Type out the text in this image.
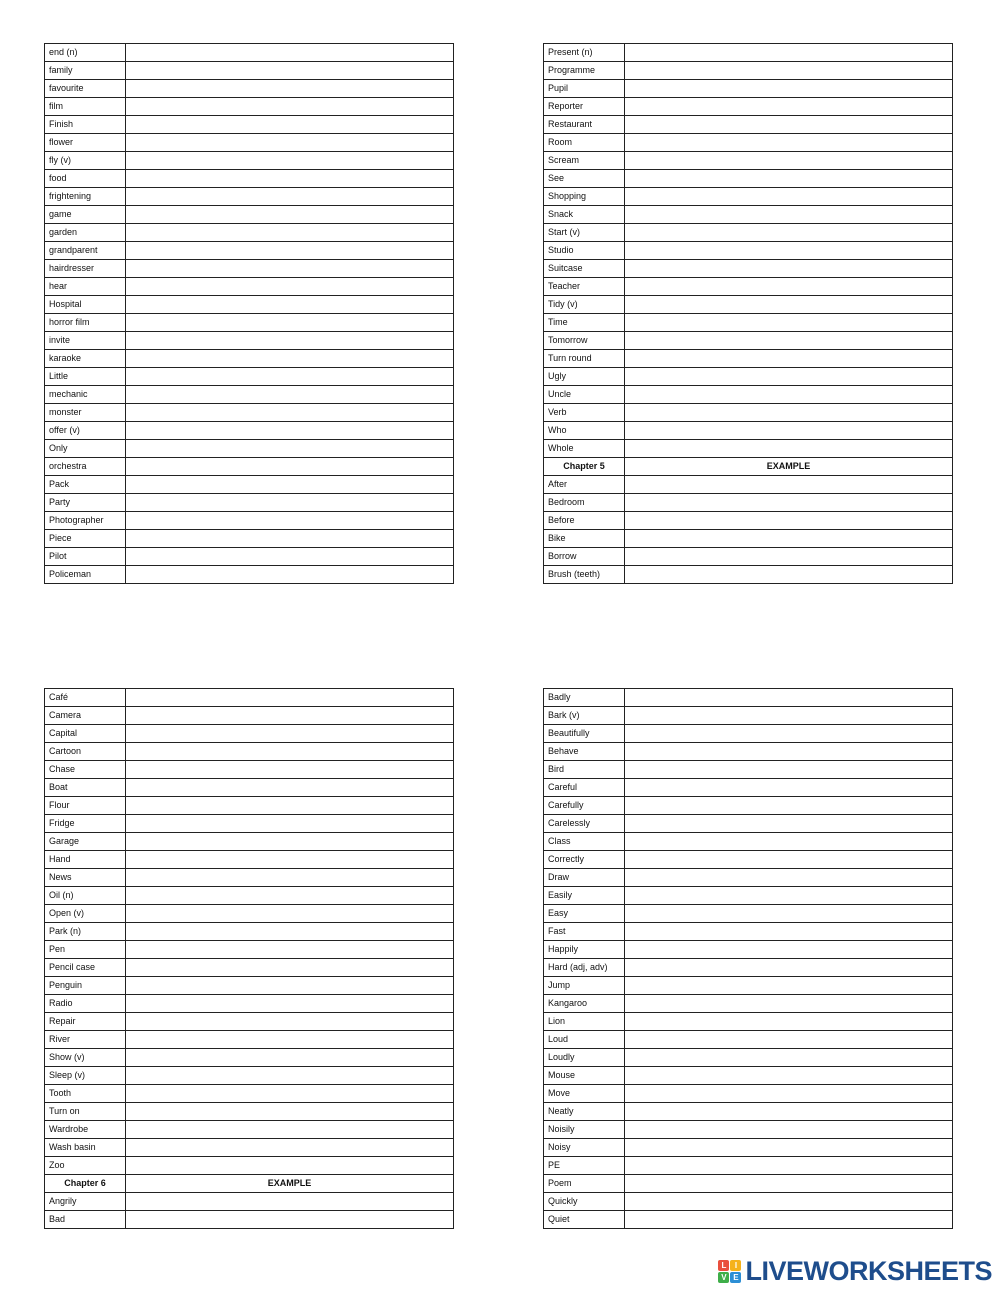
end (n)	
family	
favourite	
film	
Finish	
flower	
fly (v)	
food	
frightening	
game	
garden	
grandparent	
hairdresser	
hear	
Hospital	
horror film	
invite	
karaoke	
Little	
mechanic	
monster	
offer (v)	
Only	
orchestra	
Pack	
Party	
Photographer	
Piece	
Pilot	
Policeman	
Present (n)	
Programme	
Pupil	
Reporter	
Restaurant	
Room	
Scream	
See	
Shopping	
Snack	
Start (v)	
Studio	
Suitcase	
Teacher	
Tidy (v)	
Time	
Tomorrow	
Turn round	
Ugly	
Uncle	
Verb	
Who	
Whole	
Chapter 5	EXAMPLE
After	
Bedroom	
Before	
Bike	
Borrow	
Brush (teeth)	
Café	
Camera	
Capital	
Cartoon	
Chase	
Boat	
Flour	
Fridge	
Garage	
Hand	
News	
Oil (n)	
Open (v)	
Park (n)	
Pen	
Pencil case	
Penguin	
Radio	
Repair	
River	
Show (v)	
Sleep (v)	
Tooth	
Turn on	
Wardrobe	
Wash basin	
Zoo	
Chapter 6	EXAMPLE
Angrily	
Bad	
Badly	
Bark (v)	
Beautifully	
Behave	
Bird	
Careful	
Carefully	
Carelessly	
Class	
Correctly	
Draw	
Easily	
Easy	
Fast	
Happily	
Hard (adj, adv)	
Jump	
Kangaroo	
Lion	
Loud	
Loudly	
Mouse	
Move	
Neatly	
Noisily	
Noisy	
PE	
Poem	
Quickly	
Quiet	
L	I
V E LIVEWORKSHEETS
